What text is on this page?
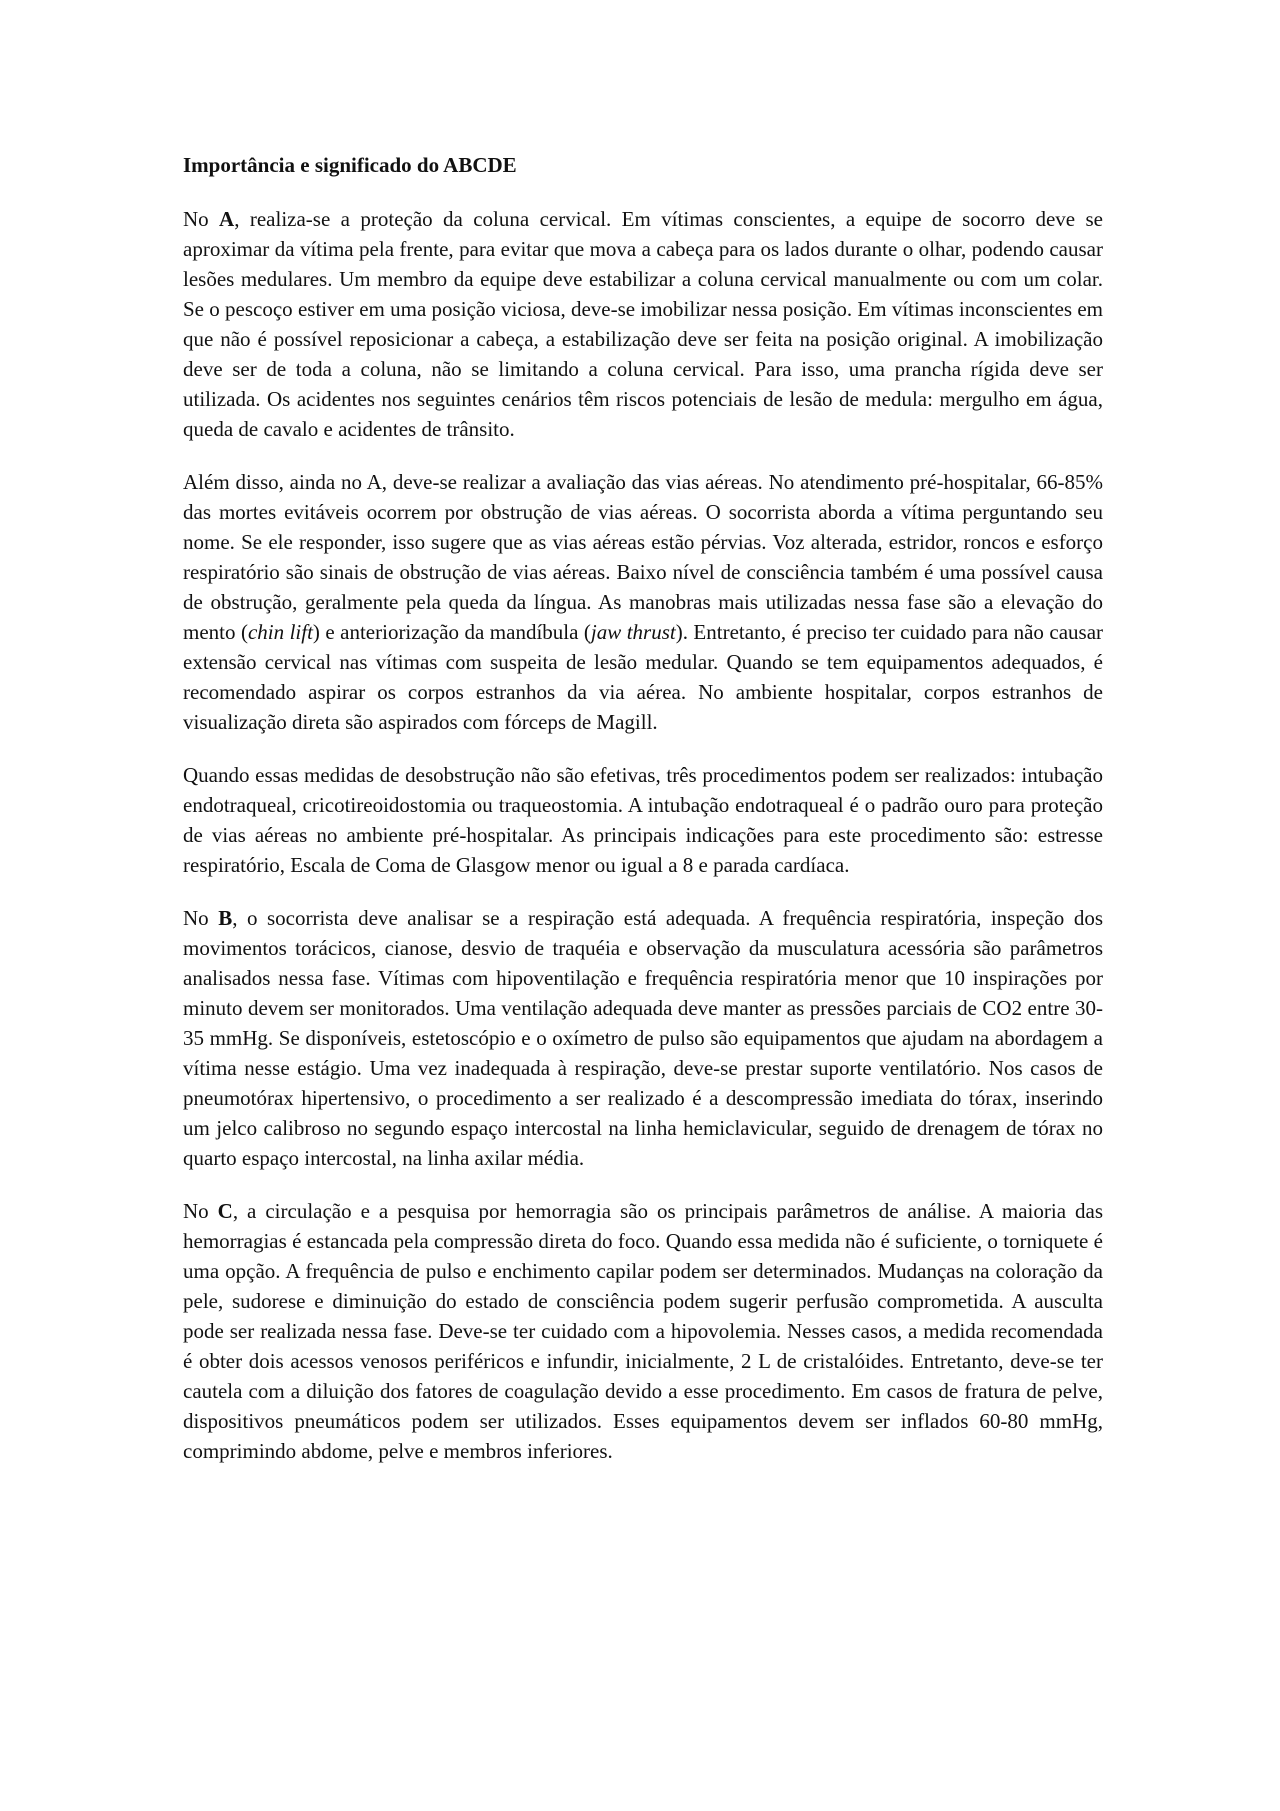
Importância e significado do ABCDE

No A, realiza-se a proteção da coluna cervical. Em vítimas conscientes, a equipe de socorro deve se aproximar da vítima pela frente, para evitar que mova a cabeça para os lados durante o olhar, podendo causar lesões medulares. Um membro da equipe deve estabilizar a coluna cervical manualmente ou com um colar. Se o pescoço estiver em uma posição viciosa, deve-se imobilizar nessa posição. Em vítimas inconscientes em que não é possível reposicionar a cabeça, a estabilização deve ser feita na posição original. A imobilização deve ser de toda a coluna, não se limitando a coluna cervical. Para isso, uma prancha rígida deve ser utilizada. Os acidentes nos seguintes cenários têm riscos potenciais de lesão de medula: mergulho em água, queda de cavalo e acidentes de trânsito.

Além disso, ainda no A, deve-se realizar a avaliação das vias aéreas. No atendimento pré-hospitalar, 66-85% das mortes evitáveis ocorrem por obstrução de vias aéreas. O socorrista aborda a vítima perguntando seu nome. Se ele responder, isso sugere que as vias aéreas estão pérvias. Voz alterada, estridor, roncos e esforço respiratório são sinais de obstrução de vias aéreas. Baixo nível de consciência também é uma possível causa de obstrução, geralmente pela queda da língua. As manobras mais utilizadas nessa fase são a elevação do mento (chin lift) e anteriorização da mandíbula (jaw thrust). Entretanto, é preciso ter cuidado para não causar extensão cervical nas vítimas com suspeita de lesão medular. Quando se tem equipamentos adequados, é recomendado aspirar os corpos estranhos da via aérea. No ambiente hospitalar, corpos estranhos de visualização direta são aspirados com fórceps de Magill.

Quando essas medidas de desobstrução não são efetivas, três procedimentos podem ser realizados: intubação endotraqueal, cricotireoidostomia ou traqueostomia. A intubação endotraqueal é o padrão ouro para proteção de vias aéreas no ambiente pré-hospitalar. As principais indicações para este procedimento são: estresse respiratório, Escala de Coma de Glasgow menor ou igual a 8 e parada cardíaca.

No B, o socorrista deve analisar se a respiração está adequada. A frequência respiratória, inspeção dos movimentos torácicos, cianose, desvio de traquéia e observação da musculatura acessória são parâmetros analisados nessa fase. Vítimas com hipoventilação e frequência respiratória menor que 10 inspirações por minuto devem ser monitorados. Uma ventilação adequada deve manter as pressões parciais de CO2 entre 30-35 mmHg. Se disponíveis, estetoscópio e o oxímetro de pulso são equipamentos que ajudam na abordagem a vítima nesse estágio. Uma vez inadequada à respiração, deve-se prestar suporte ventilatório. Nos casos de pneumotórax hipertensivo, o procedimento a ser realizado é a descompressão imediata do tórax, inserindo um jelco calibroso no segundo espaço intercostal na linha hemiclavicular, seguido de drenagem de tórax no quarto espaço intercostal, na linha axilar média.

No C, a circulação e a pesquisa por hemorragia são os principais parâmetros de análise. A maioria das hemorragias é estancada pela compressão direta do foco. Quando essa medida não é suficiente, o torniquete é uma opção. A frequência de pulso e enchimento capilar podem ser determinados. Mudanças na coloração da pele, sudorese e diminuição do estado de consciência podem sugerir perfusão comprometida. A ausculta pode ser realizada nessa fase. Deve-se ter cuidado com a hipovolemia. Nesses casos, a medida recomendada é obter dois acessos venosos periféricos e infundir, inicialmente, 2 L de cristalóides. Entretanto, deve-se ter cautela com a diluição dos fatores de coagulação devido a esse procedimento. Em casos de fratura de pelve, dispositivos pneumáticos podem ser utilizados. Esses equipamentos devem ser inflados 60-80 mmHg, comprimindo abdome, pelve e membros inferiores.
